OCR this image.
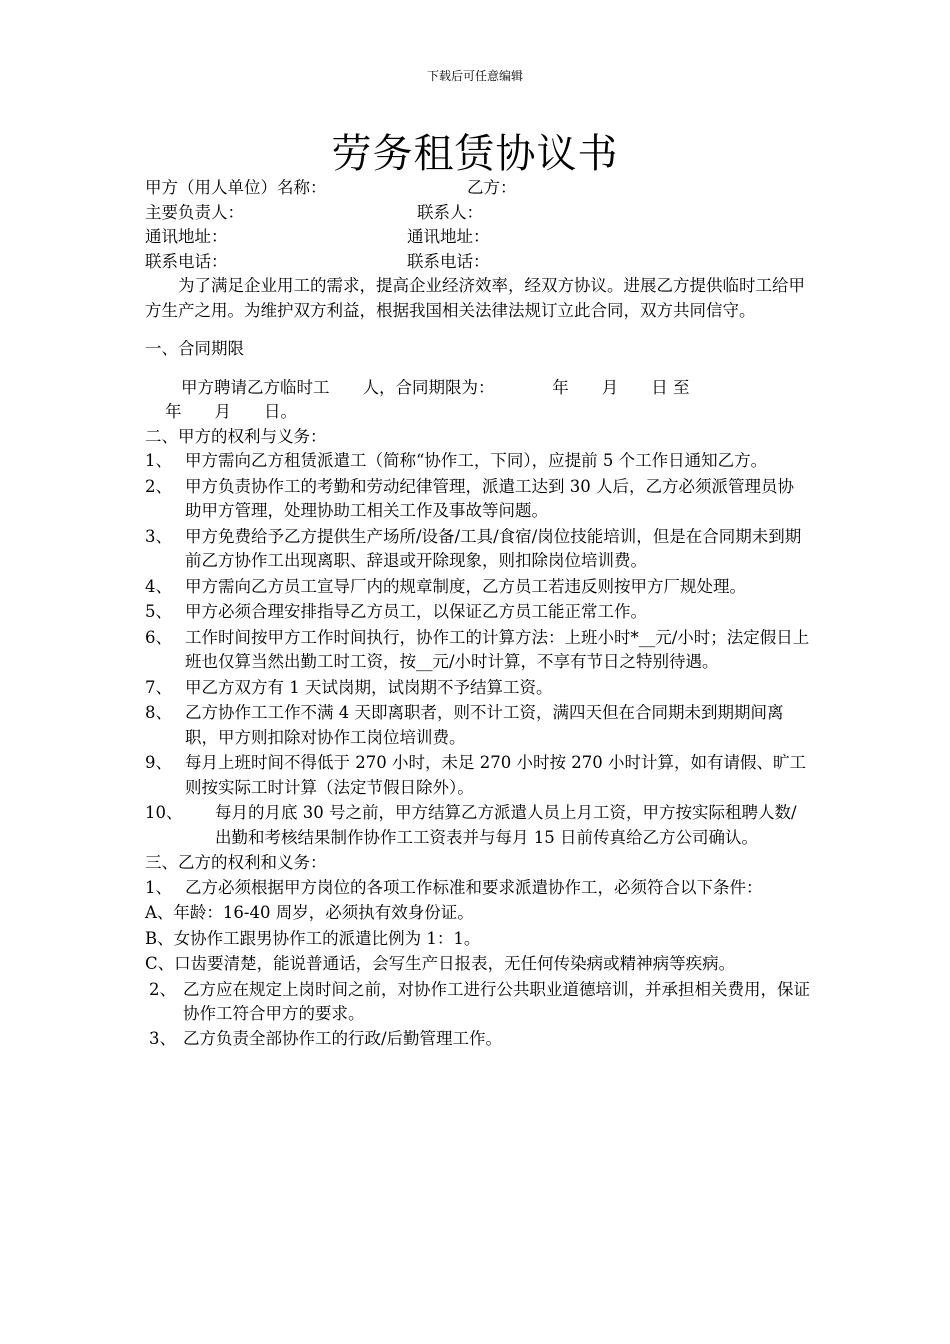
下载后可任意编辑
劳务租赁协议书
甲方（用人单位）名称：	乙方：
主要负责人：	联系人：
通讯地址：	通讯地址：
联系电话：	联系电话：
为了满足企业用工的需求，提高企业经济效率，经双方协议。进展乙方提供临时工给甲方生产之用。为维护双方利益，根据我国相关法律法规订立此合同，双方共同信守。
一、合同期限
甲方聘请乙方临时工　　人，合同期限为：　　　　年　　月　　日 至
年　　月　　日。
二、甲方的权利与义务：
1、 甲方需向乙方租赁派遣工（简称“协作工，下同），应提前 5 个工作日通知乙方。
2、 甲方负责协作工的考勤和劳动纪律管理，派遣工达到 30 人后，乙方必须派管理员协助甲方管理，处理协助工相关工作及事故等问题。
3、 甲方免费给予乙方提供生产场所/设备/工具/食宿/岗位技能培训，但是在合同期未到期前乙方协作工出现离职、辞退或开除现象，则扣除岗位培训费。
4、 甲方需向乙方员工宣导厂内的规章制度，乙方员工若违反则按甲方厂规处理。
5、 甲方必须合理安排指导乙方员工，以保证乙方员工能正常工作。
6、 工作时间按甲方工作时间执行，协作工的计算方法：上班小时*__元/小时；法定假日上班也仅算当然出勤工时工资，按__元/小时计算，不享有节日之特别待遇。
7、 甲乙方双方有 1 天试岗期，试岗期不予结算工资。
8、 乙方协作工工作不满 4 天即离职者，则不计工资，满四天但在合同期未到期期间离职，甲方则扣除对协作工岗位培训费。
9、 每月上班时间不得低于 270 小时，未足 270 小时按 270 小时计算，如有请假、旷工则按实际工时计算（法定节假日除外）。
10、	每月的月底 30 号之前，甲方结算乙方派遣人员上月工资，甲方按实际租聘人数/出勤和考核结果制作协作工工资表并与每月 15 日前传真给乙方公司确认。
三、乙方的权利和义务：
1、 乙方必须根据甲方岗位的各项工作标准和要求派遣协作工，必须符合以下条件：
A、年龄：16-40 周岁，必须执有效身份证。
B、女协作工跟男协作工的派遣比例为 1：1。
C、口齿要清楚，能说普通话，会写生产日报表，无任何传染病或精神病等疾病。
2、 乙方应在规定上岗时间之前，对协作工进行公共职业道德培训，并承担相关费用，保证协作工符合甲方的要求。
3、 乙方负责全部协作工的行政/后勤管理工作。
